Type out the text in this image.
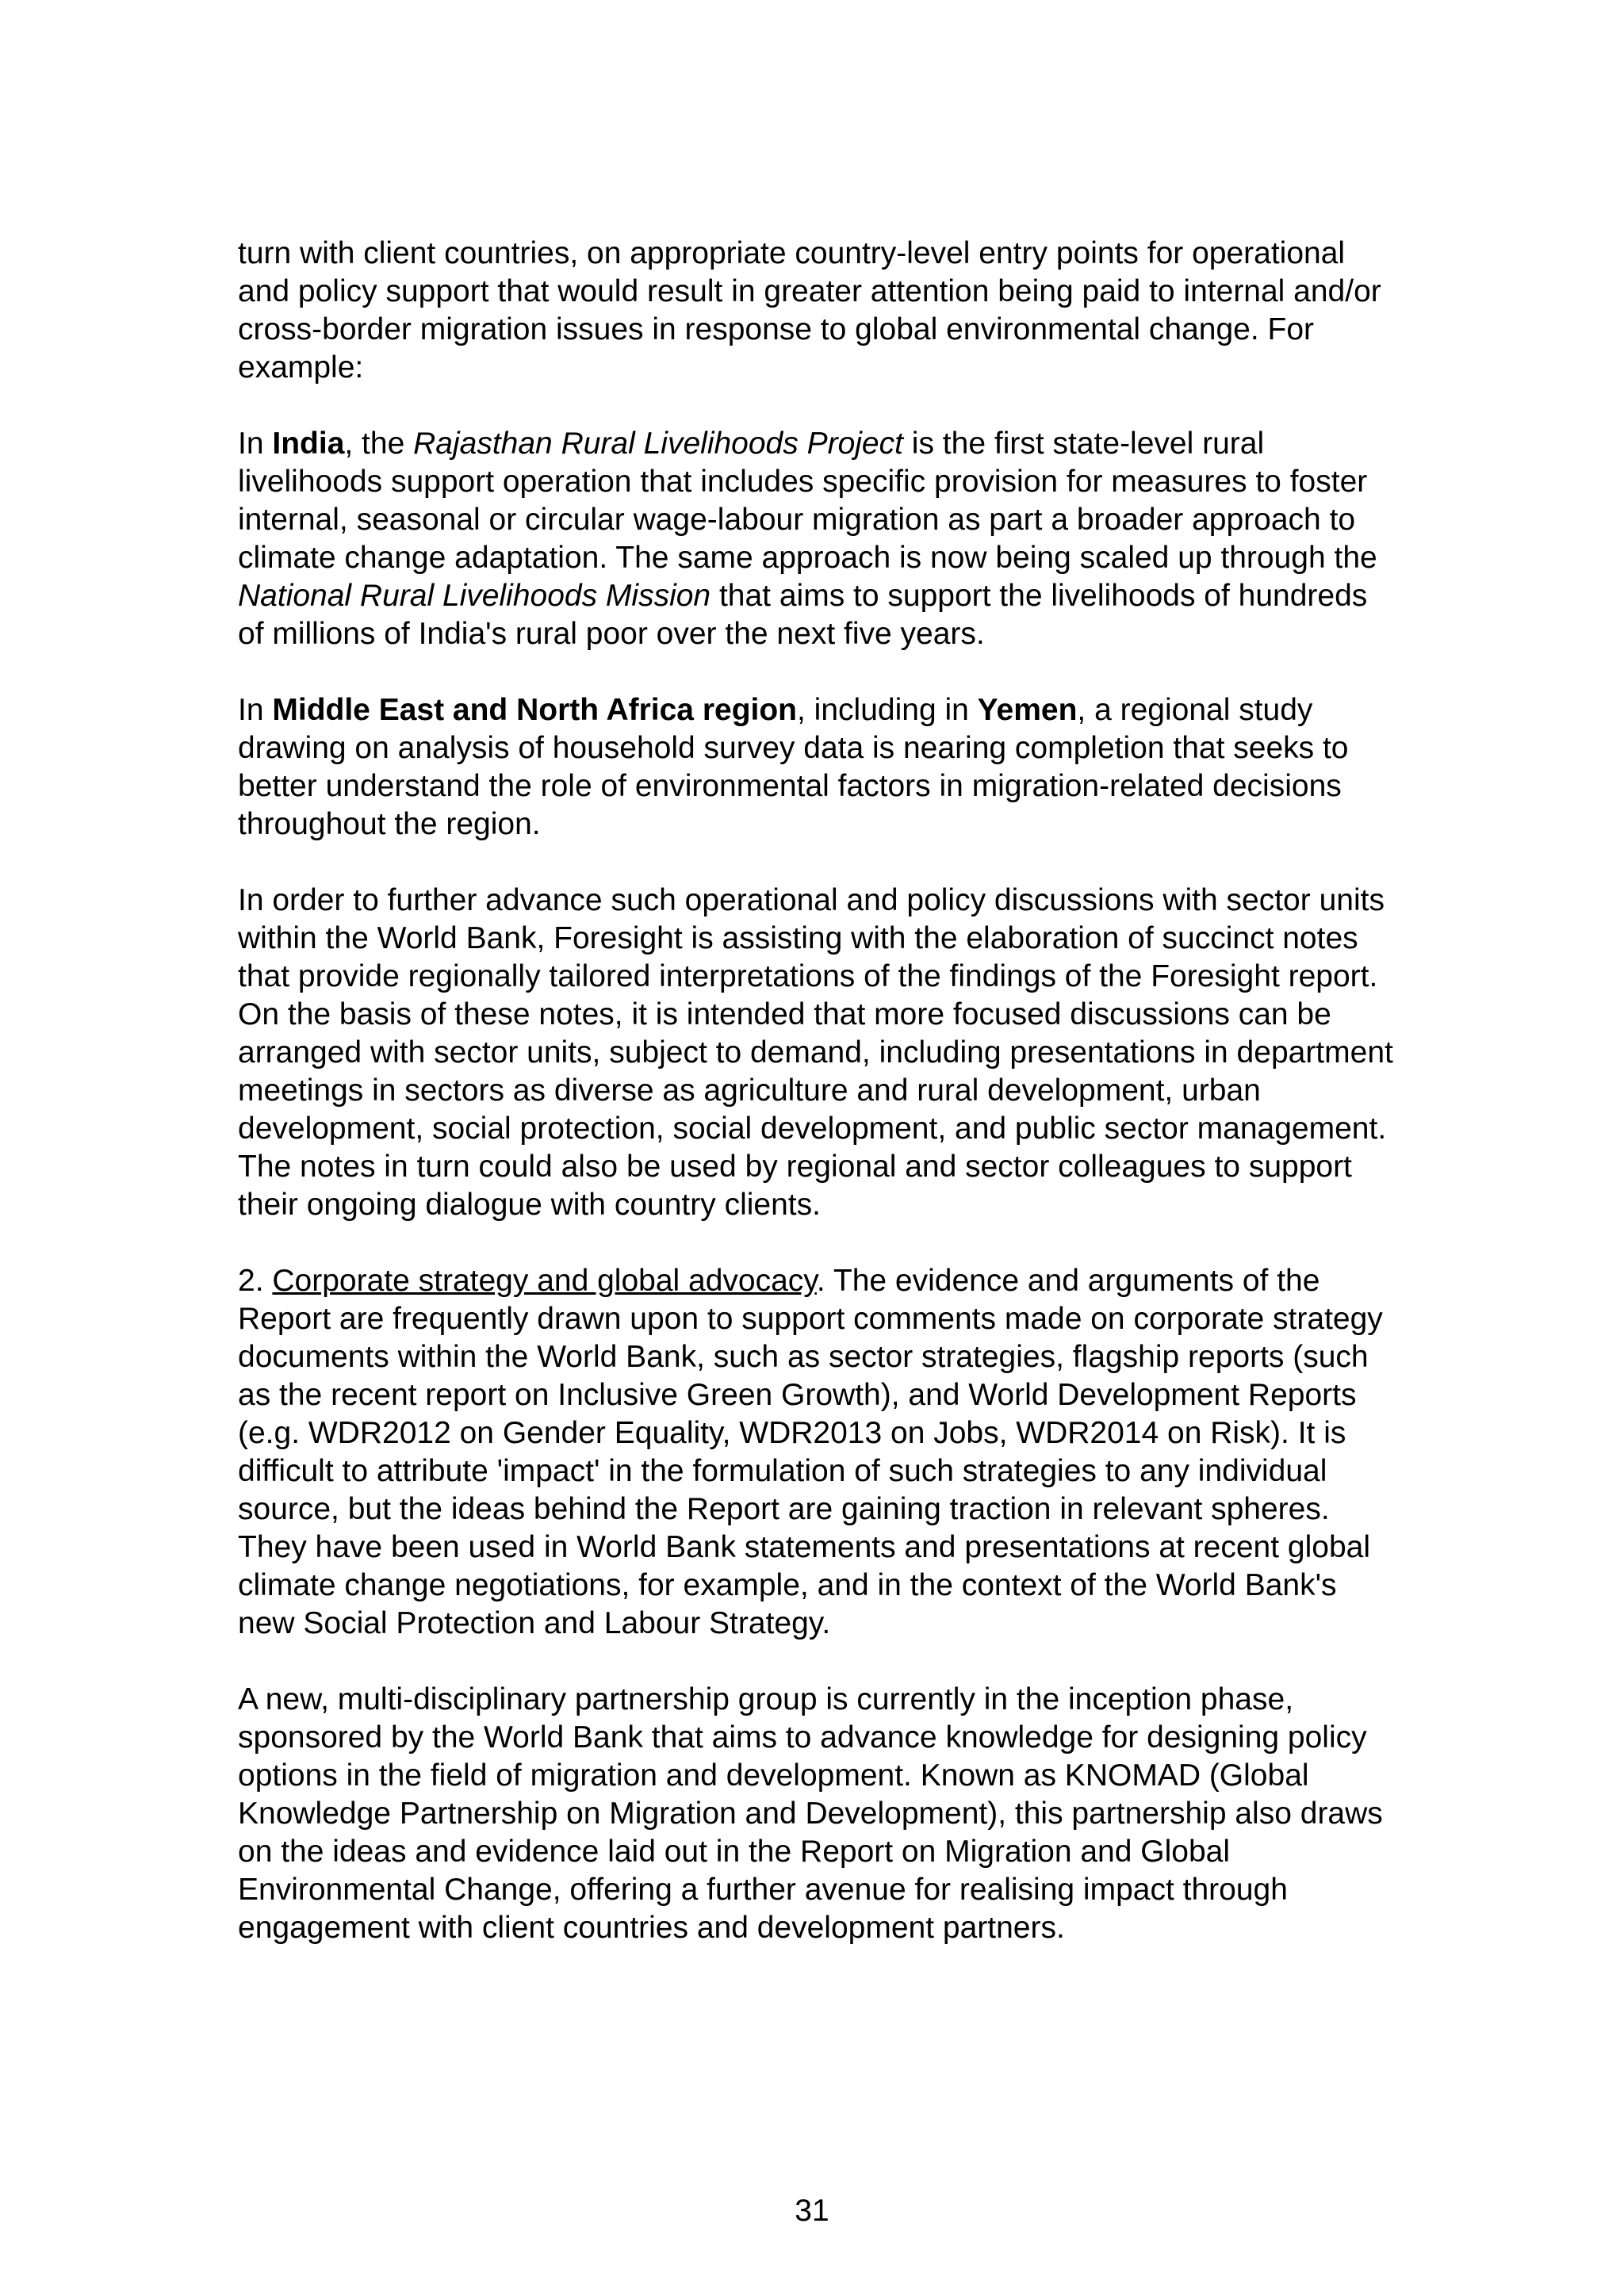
turn with client countries, on appropriate country-level entry points for operational and policy support that would result in greater attention being paid to internal and/or cross-border migration issues in response to global environmental change. For example:

In India, the Rajasthan Rural Livelihoods Project is the first state-level rural livelihoods support operation that includes specific provision for measures to foster internal, seasonal or circular wage-labour migration as part a broader approach to climate change adaptation. The same approach is now being scaled up through the National Rural Livelihoods Mission that aims to support the livelihoods of hundreds of millions of India's rural poor over the next five years.

In Middle East and North Africa region, including in Yemen, a regional study drawing on analysis of household survey data is nearing completion that seeks to better understand the role of environmental factors in migration-related decisions throughout the region.

In order to further advance such operational and policy discussions with sector units within the World Bank, Foresight is assisting with the elaboration of succinct notes that provide regionally tailored interpretations of the findings of the Foresight report. On the basis of these notes, it is intended that more focused discussions can be arranged with sector units, subject to demand, including presentations in department meetings in sectors as diverse as agriculture and rural development, urban development, social protection, social development, and public sector management. The notes in turn could also be used by regional and sector colleagues to support their ongoing dialogue with country clients.

2. Corporate strategy and global advocacy. The evidence and arguments of the Report are frequently drawn upon to support comments made on corporate strategy documents within the World Bank, such as sector strategies, flagship reports (such as the recent report on Inclusive Green Growth), and World Development Reports (e.g. WDR2012 on Gender Equality, WDR2013 on Jobs, WDR2014 on Risk). It is difficult to attribute 'impact' in the formulation of such strategies to any individual source, but the ideas behind the Report are gaining traction in relevant spheres. They have been used in World Bank statements and presentations at recent global climate change negotiations, for example, and in the context of the World Bank's new Social Protection and Labour Strategy.

A new, multi-disciplinary partnership group is currently in the inception phase, sponsored by the World Bank that aims to advance knowledge for designing policy options in the field of migration and development. Known as KNOMAD (Global Knowledge Partnership on Migration and Development), this partnership also draws on the ideas and evidence laid out in the Report on Migration and Global Environmental Change, offering a further avenue for realising impact through engagement with client countries and development partners.

31
